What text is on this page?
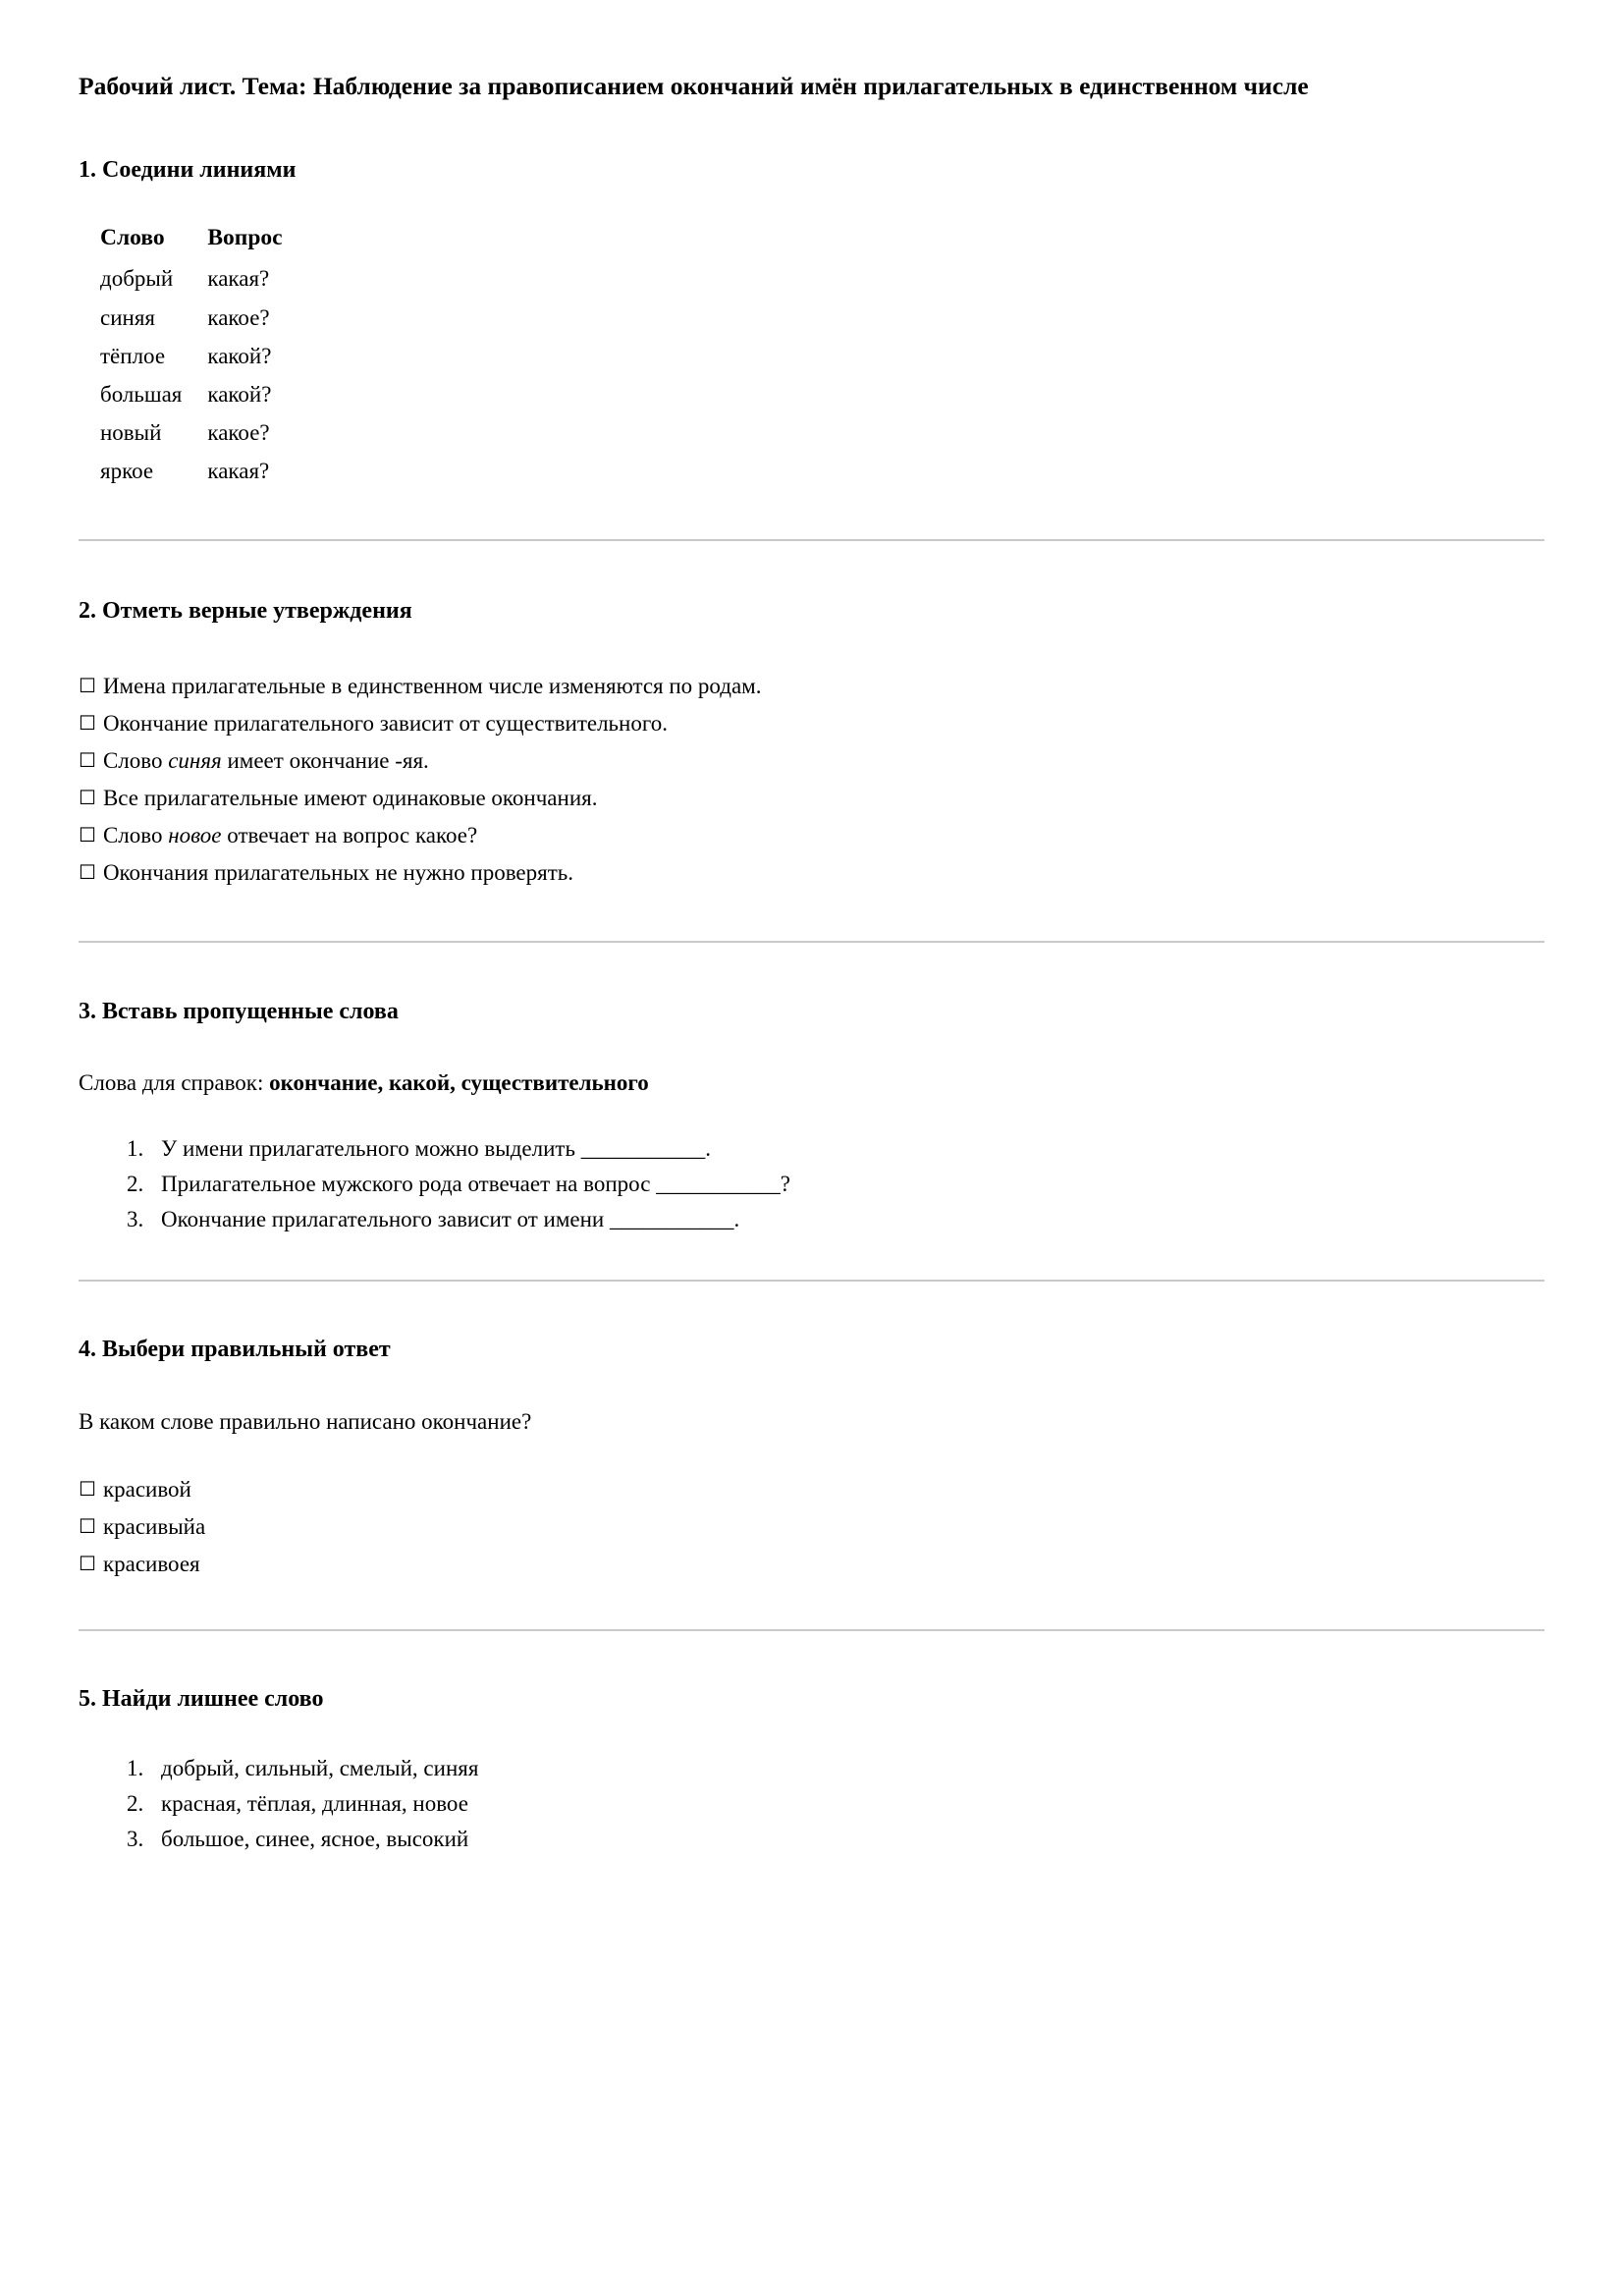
Рабочий лист. Тема: Наблюдение за правописанием окончаний имён прилагательных в единственном числе
1. Соедини линиями
Слово	Вопрос
добрый	какая?
синяя	какое?
тёплое	какой?
большая	какой?
новый	какое?
яркое	какая?
2. Отметь верные утверждения
☐ Имена прилагательные в единственном числе изменяются по родам.
☐ Окончание прилагательного зависит от существительного.
☐ Слово синяя имеет окончание -яя.
☐ Все прилагательные имеют одинаковые окончания.
☐ Слово новое отвечает на вопрос какое?
☐ Окончания прилагательных не нужно проверять.
3. Вставь пропущенные слова

Слова для справок: окончание, какой, существительного

1. У имени прилагательного можно выделить ___________.
2. Прилагательное мужского рода отвечает на вопрос ___________?
3. Окончание прилагательного зависит от имени ___________.
4. Выбери правильный ответ

В каком слове правильно написано окончание?

☐ красивой
☐ красивыйа
☐ красивоея
5. Найди лишнее слово
1. добрый, сильный, смелый, синяя
2. красная, тёплая, длинная, новое
3. большое, синее, ясное, высокий
